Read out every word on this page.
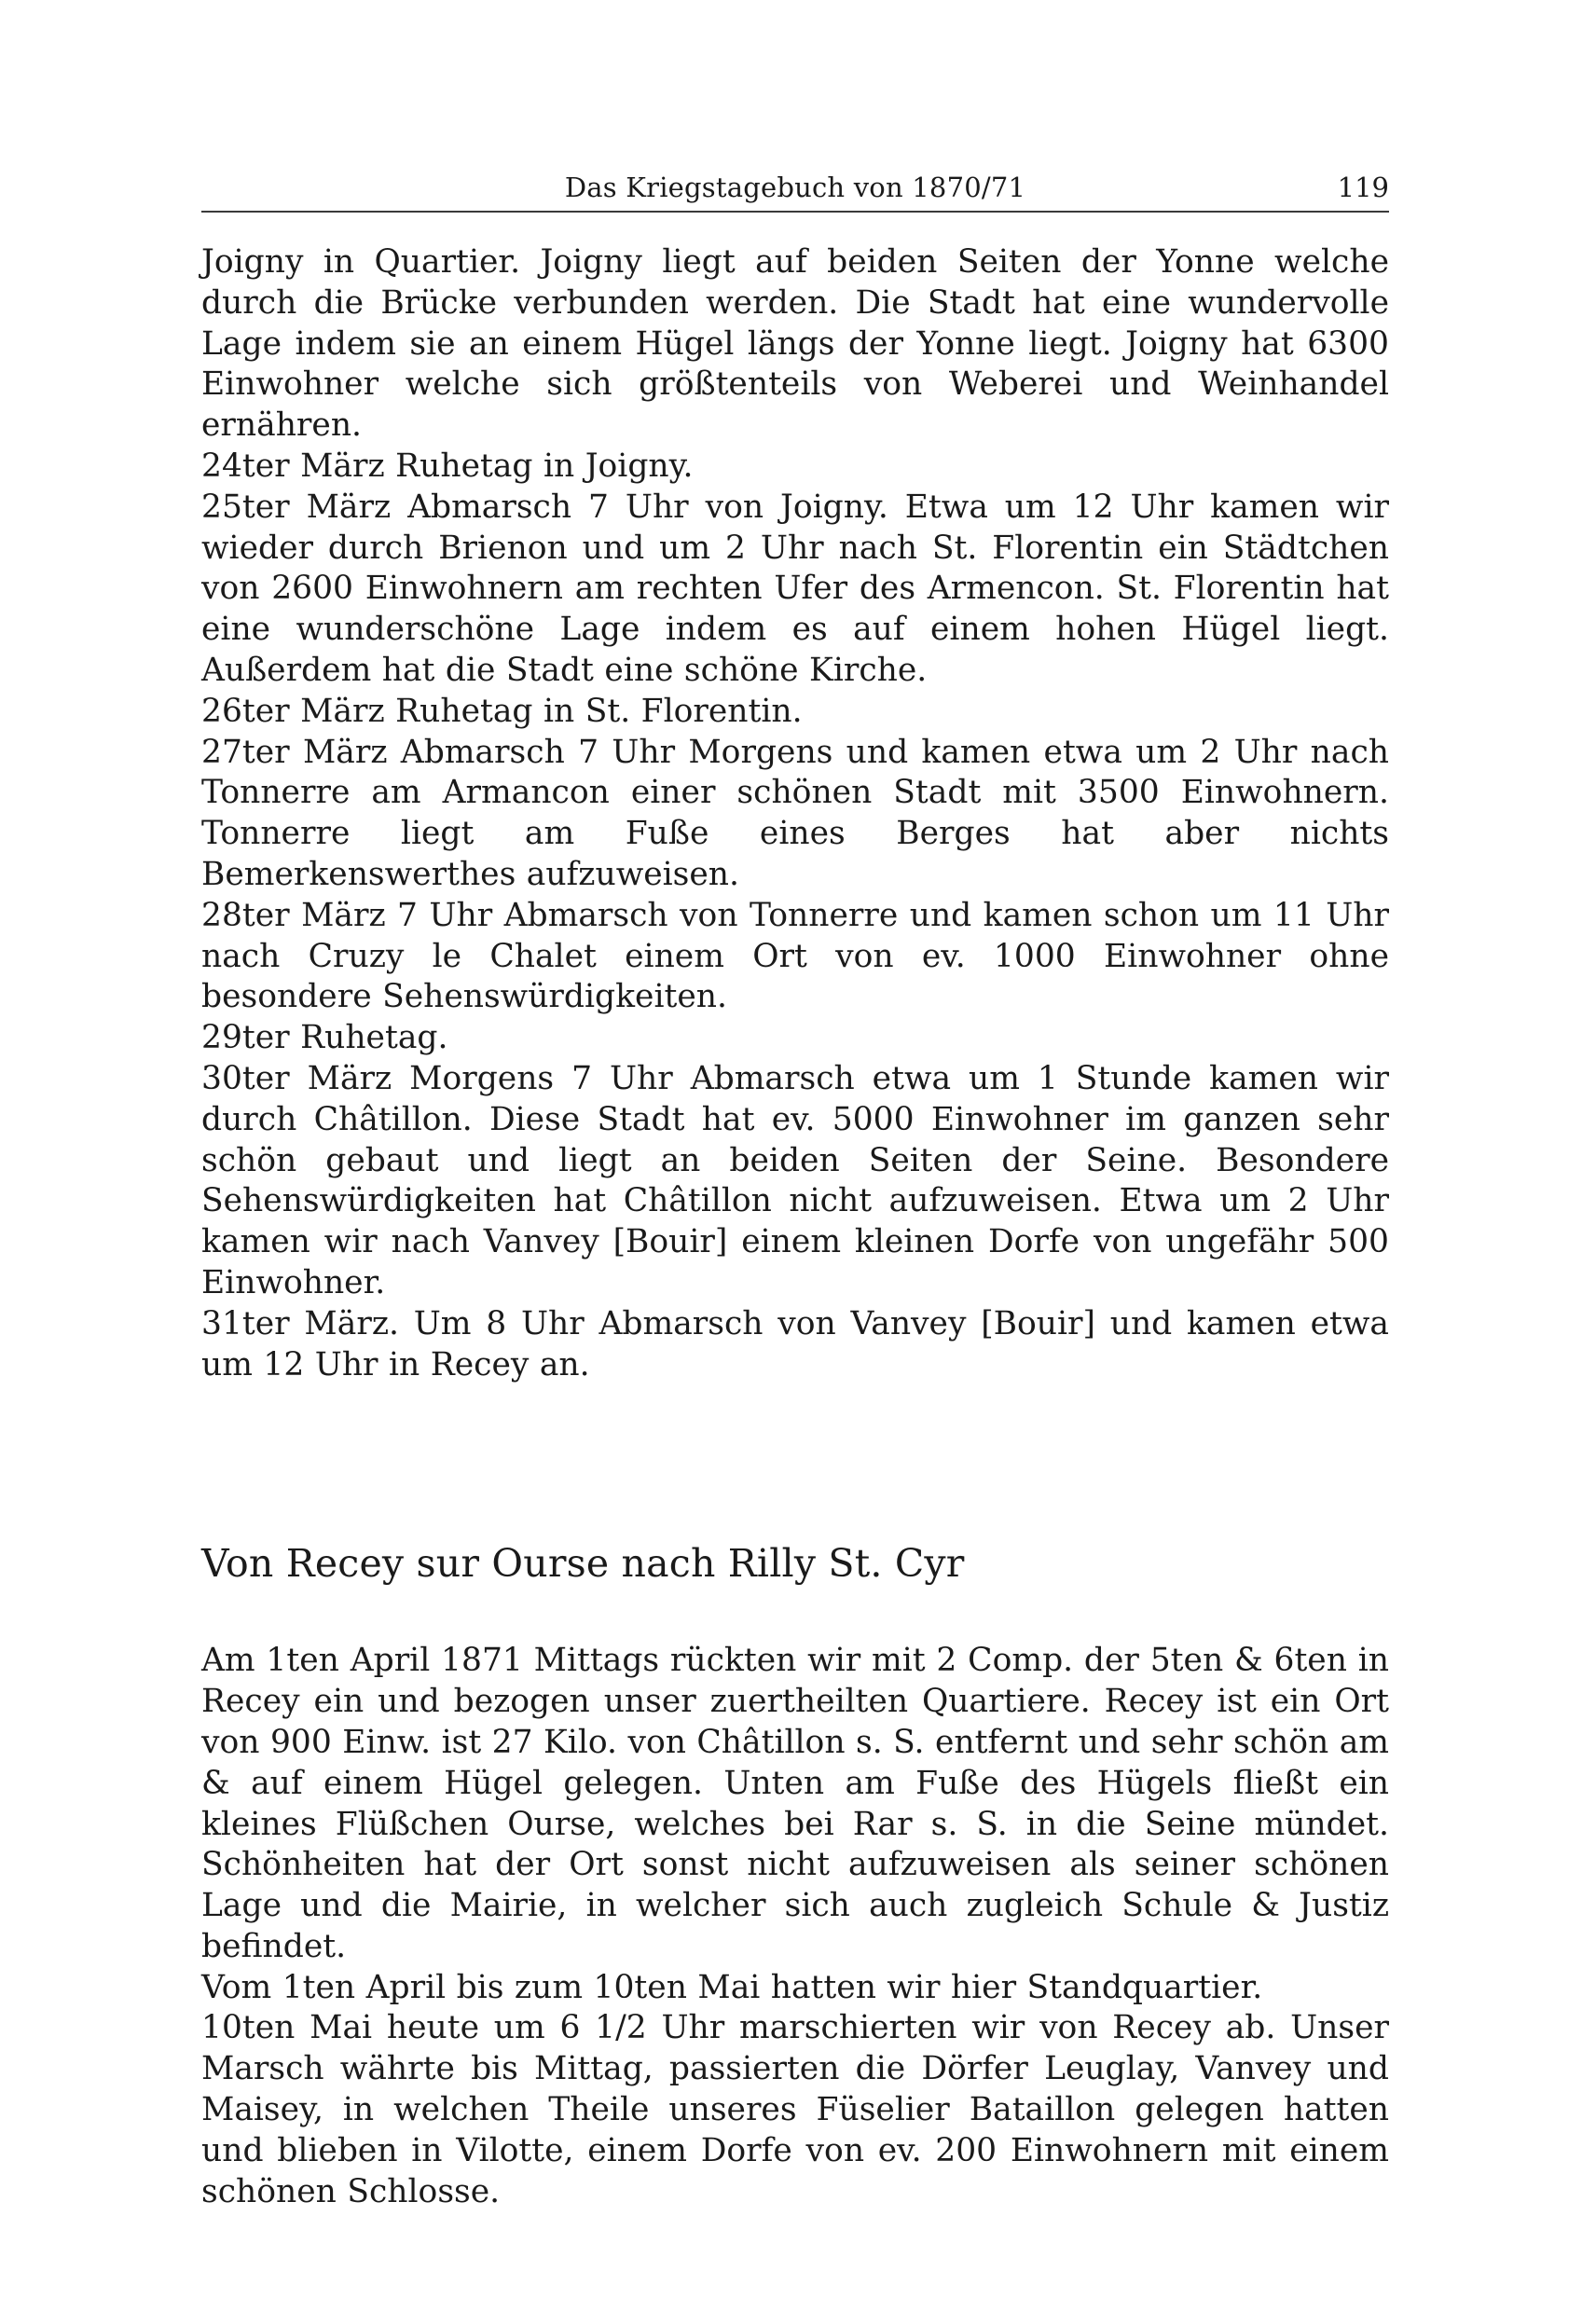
Das Kriegstagebuch von 1870/71	119

Joigny in Quartier. Joigny liegt auf beiden Seiten der Yonne welche durch die Brücke verbunden werden. Die Stadt hat eine wundervolle Lage indem sie an einem Hügel längs der Yonne liegt. Joigny hat 6300 Einwohner welche sich größtenteils von Weberei und Weinhandel ernähren.

24ter März Ruhetag in Joigny.

25ter März Abmarsch 7 Uhr von Joigny. Etwa um 12 Uhr kamen wir wieder durch Brienon und um 2 Uhr nach St. Florentin ein Städtchen von 2600 Einwohnern am rechten Ufer des Armencon. St. Florentin hat eine wunderschöne Lage indem es auf einem hohen Hügel liegt. Außerdem hat die Stadt eine schöne Kirche.

26ter März Ruhetag in St. Florentin.

27ter März Abmarsch 7 Uhr Morgens und kamen etwa um 2 Uhr nach Tonnerre am Armancon einer schönen Stadt mit 3500 Einwohnern. Tonnerre liegt am Fuße eines Berges hat aber nichts Bemerkenswerthes aufzuweisen.

28ter März 7 Uhr Abmarsch von Tonnerre und kamen schon um 11 Uhr nach Cruzy le Chalet einem Ort von ev. 1000 Einwohner ohne besondere Sehenswürdigkeiten.

29ter Ruhetag.

30ter März Morgens 7 Uhr Abmarsch etwa um 1 Stunde kamen wir durch Châtillon. Diese Stadt hat ev. 5000 Einwohner im ganzen sehr schön gebaut und liegt an beiden Seiten der Seine. Besondere Sehenswürdigkeiten hat Châtillon nicht aufzuweisen. Etwa um 2 Uhr kamen wir nach Vanvey [Bouir] einem kleinen Dorfe von ungefähr 500 Einwohner.

31ter März. Um 8 Uhr Abmarsch von Vanvey [Bouir] und kamen etwa um 12 Uhr in Recey an.

Von Recey sur Ourse nach Rilly St. Cyr

Am 1ten April 1871 Mittags rückten wir mit 2 Comp. der 5ten & 6ten in Recey ein und bezogen unser zuertheilten Quartiere. Recey ist ein Ort von 900 Einw. ist 27 Kilo. von Châtillon s. S. entfernt und sehr schön am & auf einem Hügel gelegen. Unten am Fuße des Hügels fließt ein kleines Flüßchen Ourse, welches bei Rar s. S. in die Seine mündet. Schönheiten hat der Ort sonst nicht aufzuweisen als seiner schönen Lage und die Mairie, in welcher sich auch zugleich Schule & Justiz befindet.

Vom 1ten April bis zum 10ten Mai hatten wir hier Standquartier.

10ten Mai heute um 6 1/2 Uhr marschierten wir von Recey ab. Unser Marsch währte bis Mittag, passierten die Dörfer Leuglay, Vanvey und Maisey, in welchen Theile unseres Füselier Bataillon gelegen hatten und blieben in Vilotte, einem Dorfe von ev. 200 Einwohnern mit einem schönen Schlosse.
